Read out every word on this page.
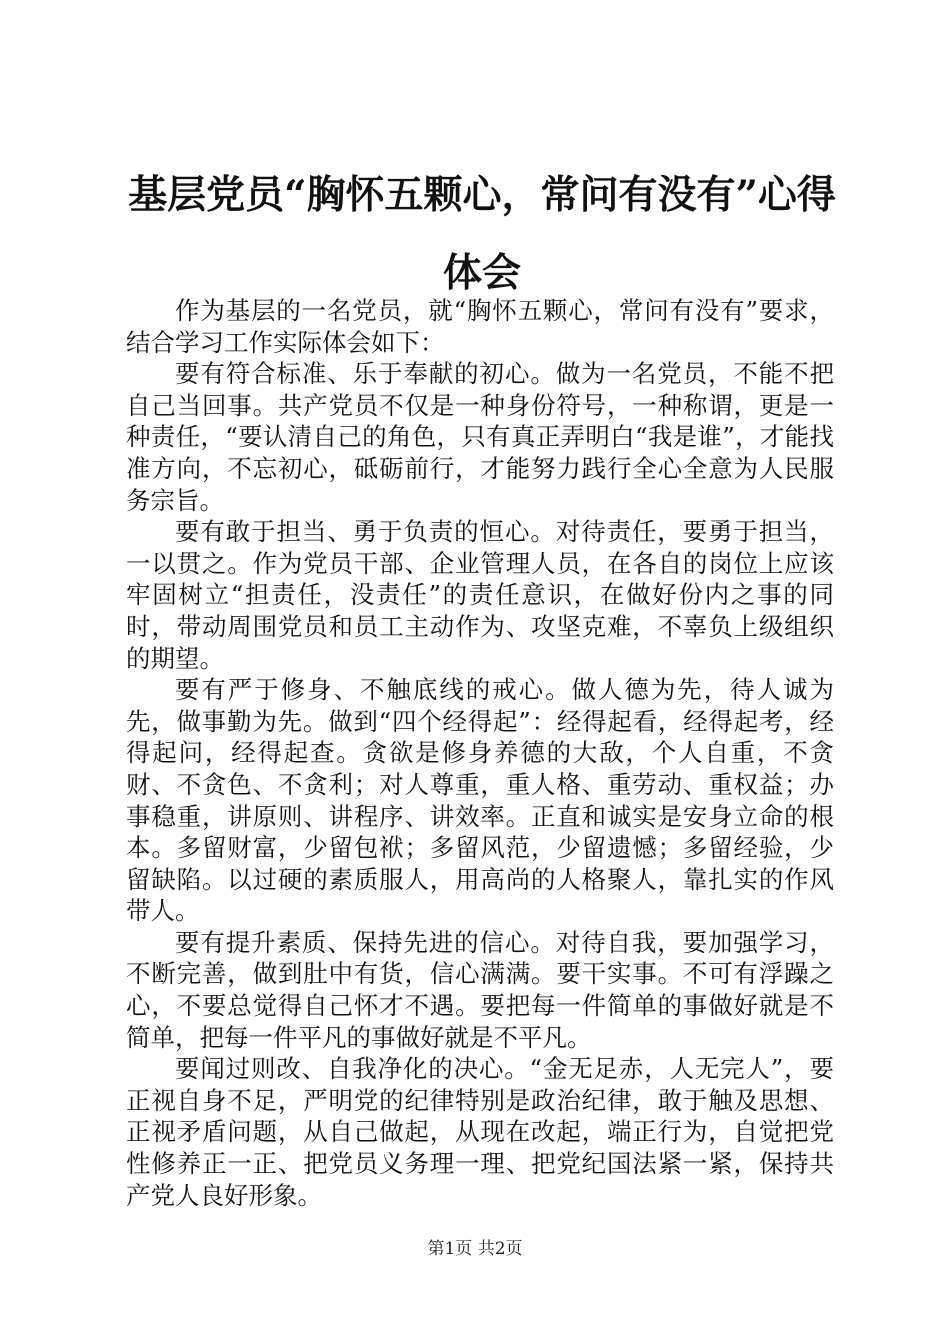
基层党员“胸怀五颗心，常问有没有”心得体会

作为基层的一名党员，就“胸怀五颗心，常问有没有”要求，结合学习工作实际体会如下：

要有符合标准、乐于奉献的初心。做为一名党员，不能不把自己当回事。共产党员不仅是一种身份符号，一种称谓，更是一种责任，“要认清自己的角色，只有真正弄明白“我是谁”，才能找准方向，不忘初心，砥砺前行，才能努力践行全心全意为人民服务宗旨。

要有敢于担当、勇于负责的恒心。对待责任，要勇于担当，一以贯之。作为党员干部、企业管理人员，在各自的岗位上应该牢固树立“担责任，没责任”的责任意识，在做好份内之事的同时，带动周围党员和员工主动作为、攻坚克难，不辜负上级组织的期望。

要有严于修身、不触底线的戒心。做人德为先，待人诚为先，做事勤为先。做到“四个经得起”：经得起看，经得起考，经得起问，经得起查。贪欲是修身养德的大敌，个人自重，不贪财、不贪色、不贪利；对人尊重，重人格、重劳动、重权益；办事稳重，讲原则、讲程序、讲效率。正直和诚实是安身立命的根本。多留财富，少留包袱；多留风范，少留遗憾；多留经验，少留缺陷。以过硬的素质服人，用高尚的人格聚人，靠扎实的作风带人。

要有提升素质、保持先进的信心。对待自我，要加强学习，不断完善，做到肚中有货，信心满满。要干实事。不可有浮躁之心，不要总觉得自己怀才不遇。要把每一件简单的事做好就是不简单，把每一件平凡的事做好就是不平凡。

要闻过则改、自我净化的决心。“金无足赤，人无完人”，要正视自身不足，严明党的纪律特别是政治纪律，敢于触及思想、正视矛盾问题，从自己做起，从现在改起，端正行为，自觉把党性修养正一正、把党员义务理一理、把党纪国法紧一紧，保持共产党人良好形象。

第1页 共2页
